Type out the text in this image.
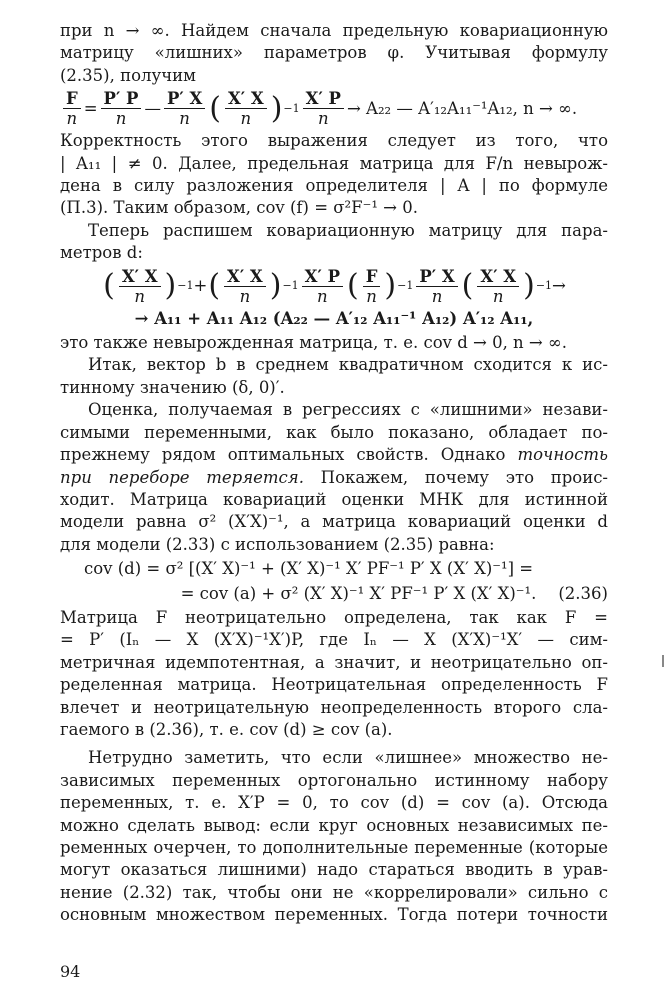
при n → ∞. Найдем сначала предельную ковариационную
матрицу «лишних» параметров φ. Учитывая формулу
(2.35), получим

$\frac{F}{n} = \frac{P' P}{n}$ — $\frac{P' X}{n}$ ( $\frac{X' X}{n}$ ) $-1 \frac{X' P}{n} \to A_{22}$ — A′₁₂A₁₁⁻¹A₁₂, n → ∞.

Корректность этого выражения следует из того, что
| A₁₁ | ≠ 0. Далее, предельная матрица для F/n невырож-
дена в силу разложения определителя | A | по формуле
(П.3). Таким образом, cov (f) = σ²F⁻¹ → 0.

Теперь распишем ковариационную матрицу для пара-
метров d:

( $\frac{X' X}{n}$ ) −1 + ( $\frac{X' X}{n}$ ) $-1 \frac{X' P}{n}$ ( $\frac{F}{n}$ ) $-1 \frac{P' X}{n}$ ( $\frac{X' X}{n}$ ) −1 →
→ A₁₁ + A₁₁ A₁₂ (A₂₂ — A′₁₂ A₁₁⁻¹ A₁₂) A′₁₂ A₁₁,

это также невырожденная матрица, т. е. cov d → 0, n → ∞.

Итак, вектор b в среднем квадратичном сходится к ис-
тинному значению (δ, 0)′.

Оценка, получаемая в регрессиях с «лишними» незави-
симыми переменными, как было показано, обладает по-
прежнему рядом оптимальных свойств. Однако точность
при переборе теряется. Покажем, почему это проис-
ходит. Матрица ковариаций оценки МНК для истинной
модели равна σ² (X′X)⁻¹, а матрица ковариаций оценки d
для модели (2.33) с использованием (2.35) равна:

cov (d) = σ² [(X′ X)⁻¹ + (X′ X)⁻¹ X′ PF⁻¹ P′ X (X′ X)⁻¹] =
= cov (a) + σ² (X′ X)⁻¹ X′ PF⁻¹ P′ X (X′ X)⁻¹. (2.36)

Матрица F неотрицательно определена, так как F =
= P′ (Iₙ — X (X′X)⁻¹X′)P, где Iₙ — X (X′X)⁻¹X′ — сим-
метричная идемпотентная, а значит, и неотрицательно оп-
ределенная матрица. Неотрицательная определенность F
влечет и неотрицательную неопределенность второго сла-
гаемого в (2.36), т. е. cov (d) ≥ cov (a).

Нетрудно заметить, что если «лишнее» множество не-
зависимых переменных ортогонально истинному набору
переменных, т. е. X′P = 0, то cov (d) = cov (a). Отсюда
можно сделать вывод: если круг основных независимых пе-
ременных очерчен, то дополнительные переменные (которые
могут оказаться лишними) надо стараться вводить в урав-
нение (2.32) так, чтобы они не «коррелировали» сильно с
основным множеством переменных. Тогда потери точности

94
